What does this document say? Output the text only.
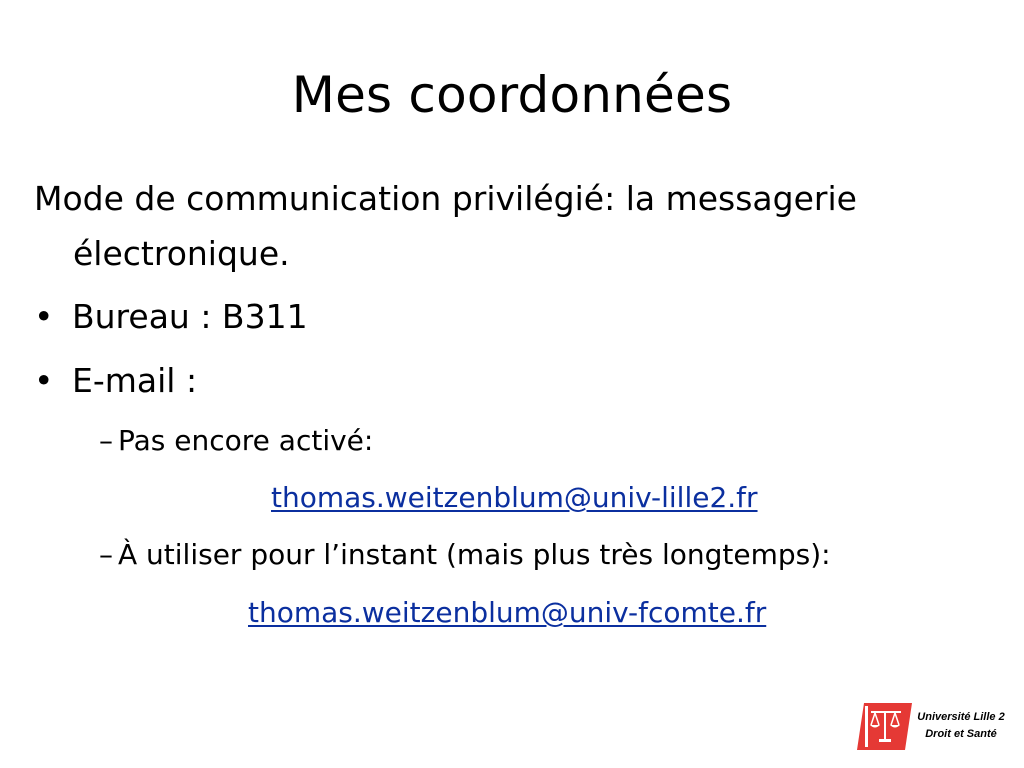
Mes coordonnées
Mode de communication privilégié: la messagerie
électronique.
• Bureau : B311
• E-mail :
– Pas encore activé:
thomas.weitzenblum@univ-lille2.fr
– À utiliser pour l’instant (mais plus très longtemps):
thomas.weitzenblum@univ-fcomte.fr
Université Lille 2
Droit et Santé
